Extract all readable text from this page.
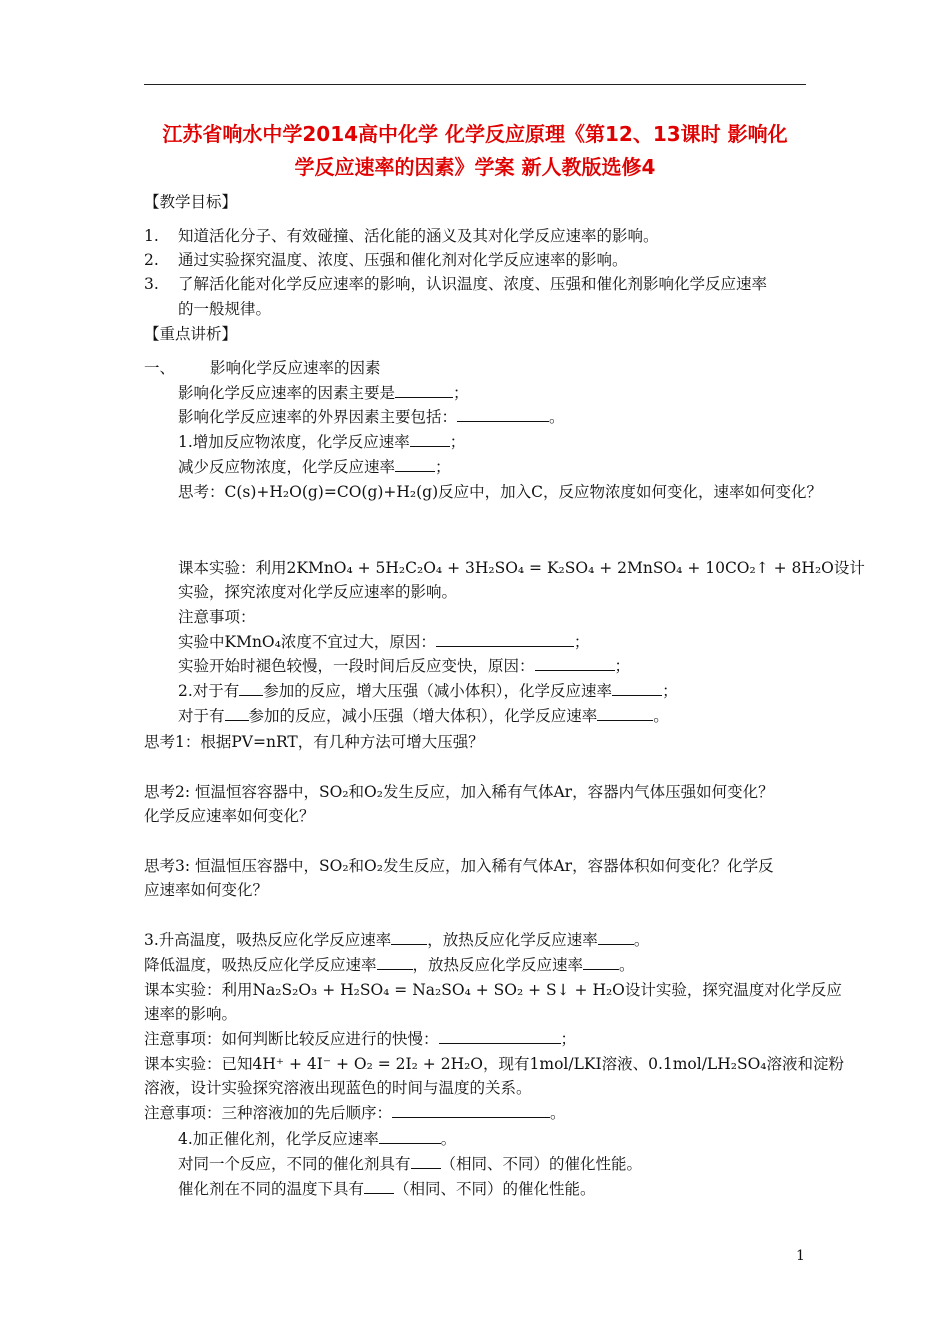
江苏省响水中学2014高中化学 化学反应原理《第12、13课时 影响化
学反应速率的因素》学案 新人教版选修4
【教学目标】
1. 知道活化分子、有效碰撞、活化能的涵义及其对化学反应速率的影响。
2. 通过实验探究温度、浓度、压强和催化剂对化学反应速率的影响。
3. 了解活化能对化学反应速率的影响，认识温度、浓度、压强和催化剂影响化学反应速率
的一般规律。
【重点讲析】
一、 影响化学反应速率的因素
影响化学反应速率的因素主要是	；
影响化学反应速率的外界因素主要包括：	。
1.增加反应物浓度，化学反应速率	；
减少反应物浓度，化学反应速率	；
思考：C(s)+H₂O(g)=CO(g)+H₂(g)反应中，加入C，反应物浓度如何变化，速率如何变化？
课本实验：利用2KMnO₄ + 5H₂C₂O₄ + 3H₂SO₄ = K₂SO₄ + 2MnSO₄ + 10CO₂↑ + 8H₂O设计
实验，探究浓度对化学反应速率的影响。
注意事项：
实验中KMnO₄浓度不宜过大，原因：	；
实验开始时褪色较慢，一段时间后反应变快，原因：	；
2.对于有 参加的反应，增大压强（减小体积），化学反应速率	；
对于有 参加的反应，减小压强（增大体积），化学反应速率	。
思考1：根据PV=nRT，有几种方法可增大压强？
思考2: 恒温恒容容器中，SO₂和O₂发生反应，加入稀有气体Ar，容器内气体压强如何变化？
化学反应速率如何变化？
思考3: 恒温恒压容器中，SO₂和O₂发生反应，加入稀有气体Ar，容器体积如何变化？化学反
应速率如何变化？
3.升高温度，吸热反应化学反应速率 ，放热反应化学反应速率 。
降低温度，吸热反应化学反应速率 ，放热反应化学反应速率 。
课本实验：利用Na₂S₂O₃ + H₂SO₄ = Na₂SO₄ + SO₂ + S↓ + H₂O设计实验，探究温度对化学反应
速率的影响。
注意事项：如何判断比较反应进行的快慢：	；
课本实验：已知4H⁺ + 4I⁻ + O₂ = 2I₂ + 2H₂O，现有1mol/LKI溶液、0.1mol/LH₂SO₄溶液和淀粉
溶液，设计实验探究溶液出现蓝色的时间与温度的关系。
注意事项：三种溶液加的先后顺序：	。
4.加正催化剂，化学反应速率	。
对同一个反应，不同的催化剂具有 （相同、不同）的催化性能。
催化剂在不同的温度下具有 （相同、不同）的催化性能。
1
